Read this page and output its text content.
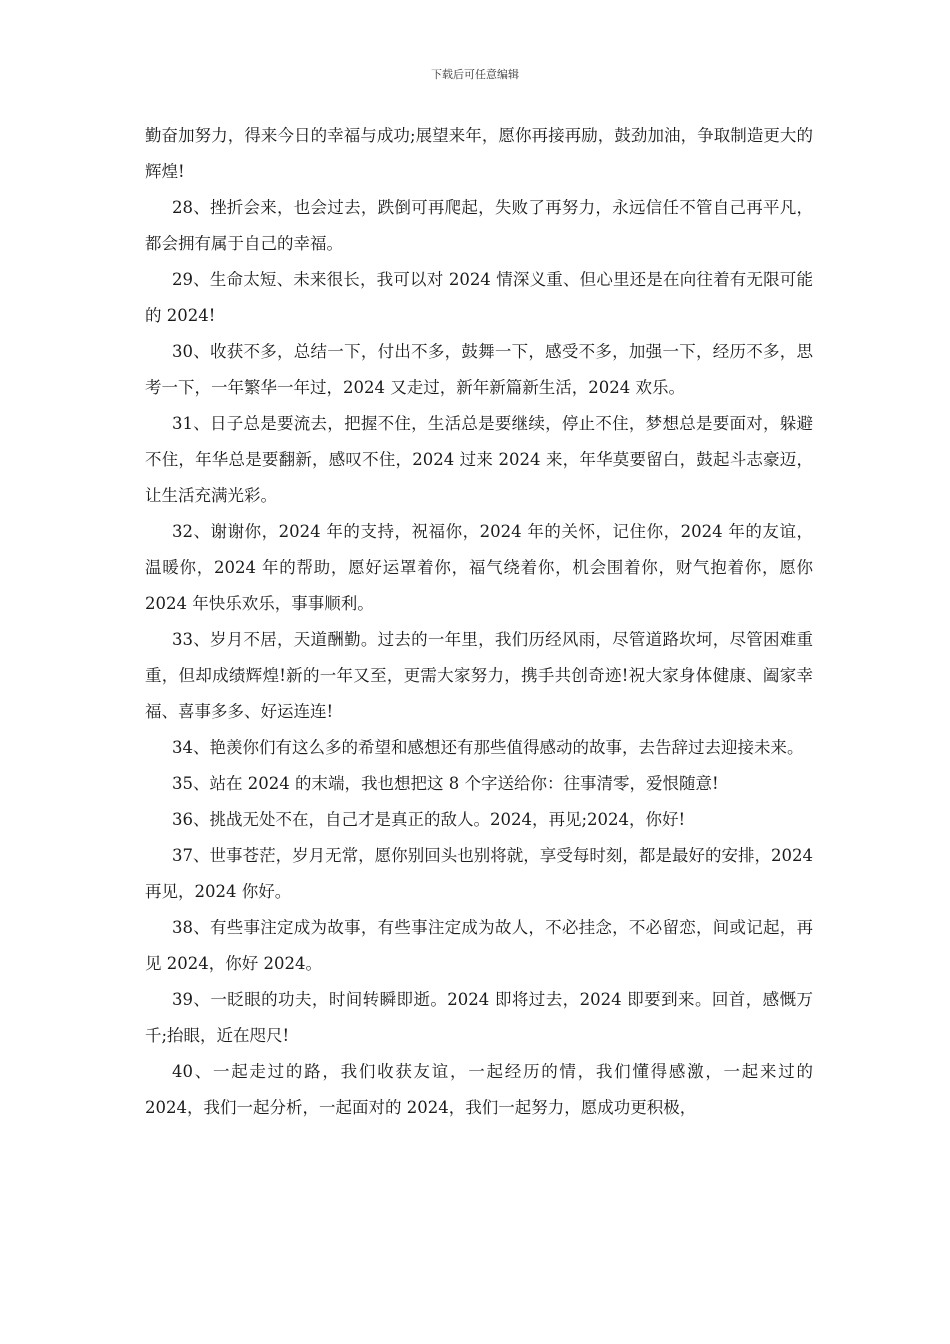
下载后可任意编辑

勤奋加努力，得来今日的幸福与成功;展望来年，愿你再接再励，鼓劲加油，争取制造更大的辉煌!

28、挫折会来，也会过去，跌倒可再爬起，失败了再努力，永远信任不管自己再平凡，都会拥有属于自己的幸福。

29、生命太短、未来很长，我可以对 2024 情深义重、但心里还是在向往着有无限可能的 2024!

30、收获不多，总结一下，付出不多，鼓舞一下，感受不多，加强一下，经历不多，思考一下，一年繁华一年过，2024 又走过，新年新篇新生活，2024 欢乐。

31、日子总是要流去，把握不住，生活总是要继续，停止不住，梦想总是要面对，躲避不住，年华总是要翻新，感叹不住，2024 过来 2024 来，年华莫要留白，鼓起斗志豪迈，让生活充满光彩。

32、谢谢你，2024 年的支持，祝福你，2024 年的关怀，记住你，2024 年的友谊，温暖你，2024 年的帮助，愿好运罩着你，福气绕着你，机会围着你，财气抱着你，愿你 2024 年快乐欢乐，事事顺利。

33、岁月不居，天道酬勤。过去的一年里，我们历经风雨，尽管道路坎坷，尽管困难重重，但却成绩辉煌!新的一年又至，更需大家努力，携手共创奇迹!祝大家身体健康、阖家幸福、喜事多多、好运连连!

34、艳羡你们有这么多的希望和感想还有那些值得感动的故事，去告辞过去迎接未来。

35、站在 2024 的末端，我也想把这 8 个字送给你：往事清零，爱恨随意!

36、挑战无处不在，自己才是真正的敌人。2024，再见;2024，你好!

37、世事苍茫，岁月无常，愿你别回头也别将就，享受每时刻，都是最好的安排，2024 再见，2024 你好。

38、有些事注定成为故事，有些事注定成为故人，不必挂念，不必留恋，间或记起，再见 2024，你好 2024。

39、一眨眼的功夫，时间转瞬即逝。2024 即将过去，2024 即要到来。回首，感慨万千;抬眼，近在咫尺!

40、一起走过的路，我们收获友谊，一起经历的情，我们懂得感激，一起来过的 2024，我们一起分析，一起面对的 2024，我们一起努力，愿成功更积极，
